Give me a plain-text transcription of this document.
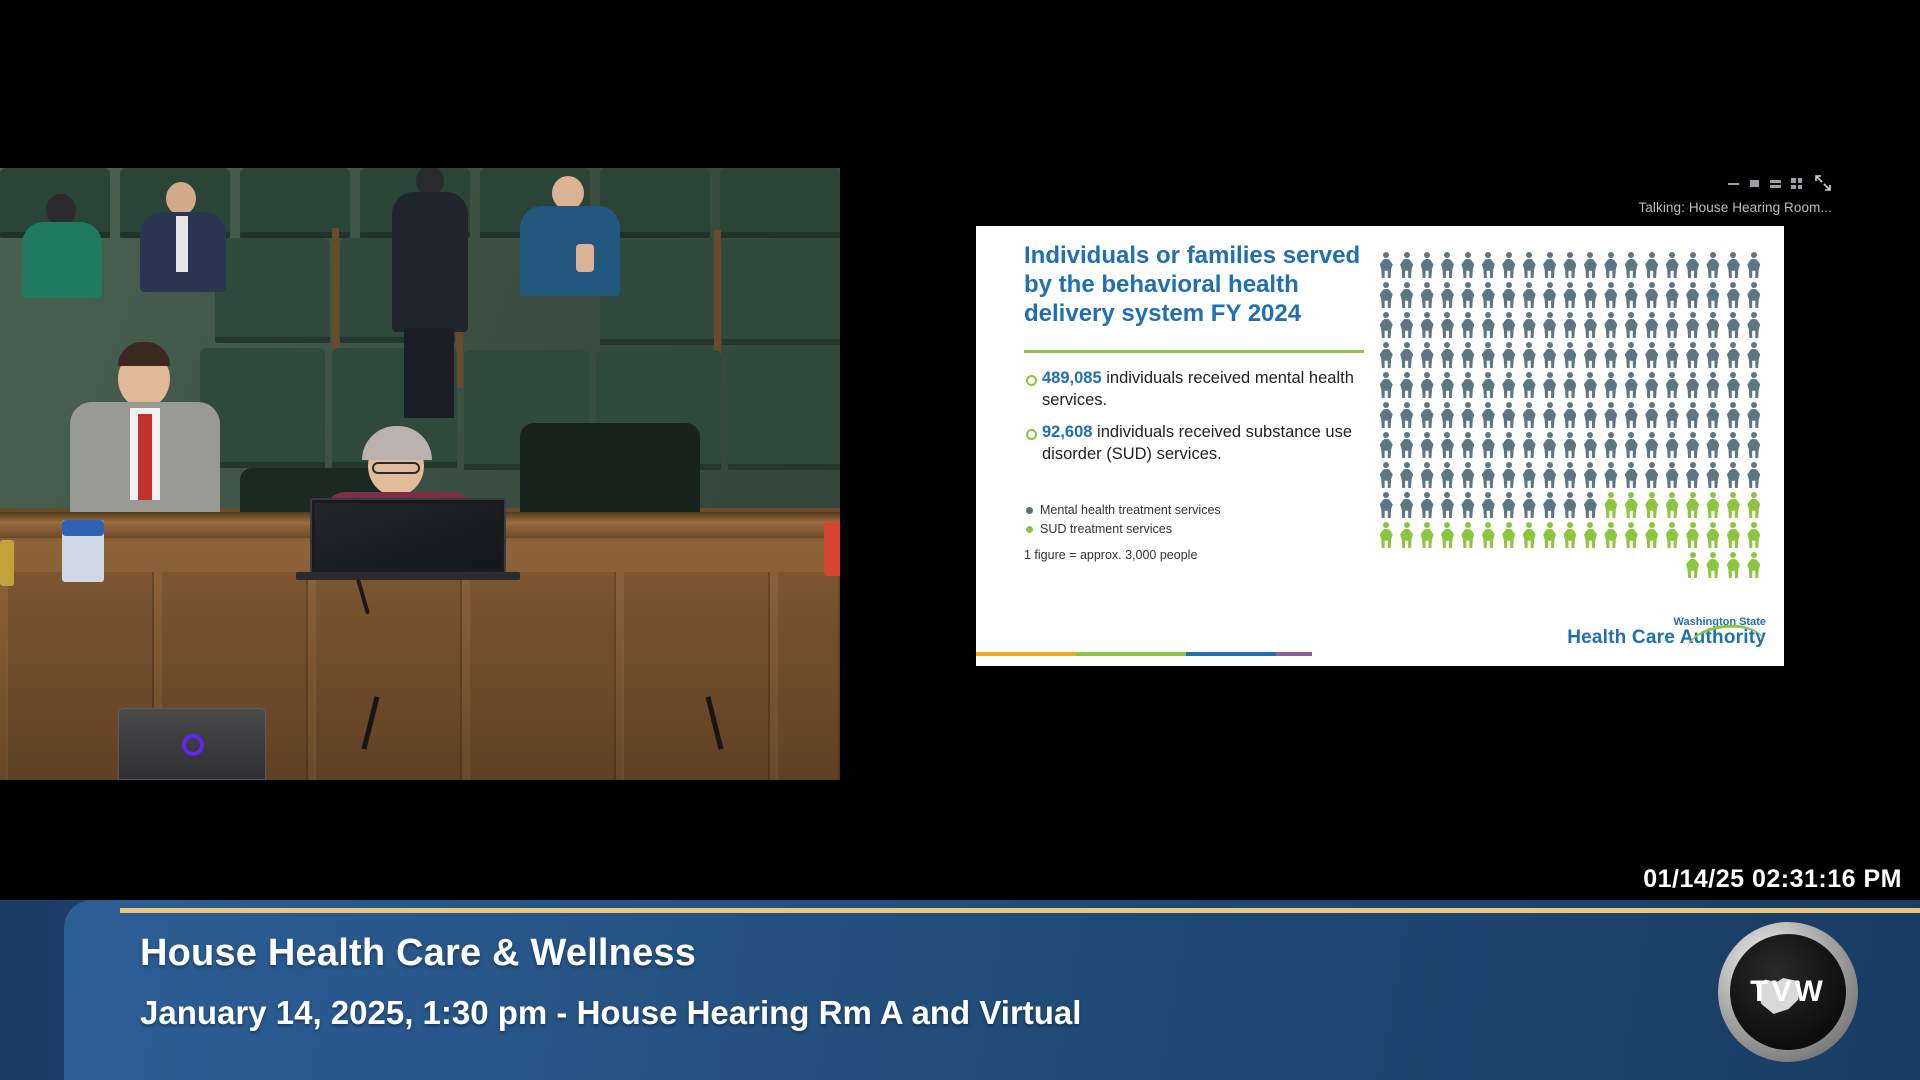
Talking: House Hearing Room...
Individuals or families served by the behavioral health delivery system FY 2024
489,085 individuals received mental health services.
92,608 individuals received substance use disorder (SUD) services.
Mental health treatment services
SUD treatment services
1 figure = approx. 3,000 people
Washington State
Health Care Authority
01/14/25 02:31:16 PM
House Health Care & Wellness
January 14, 2025, 1:30 pm - House Hearing Rm A and Virtual
TVW
